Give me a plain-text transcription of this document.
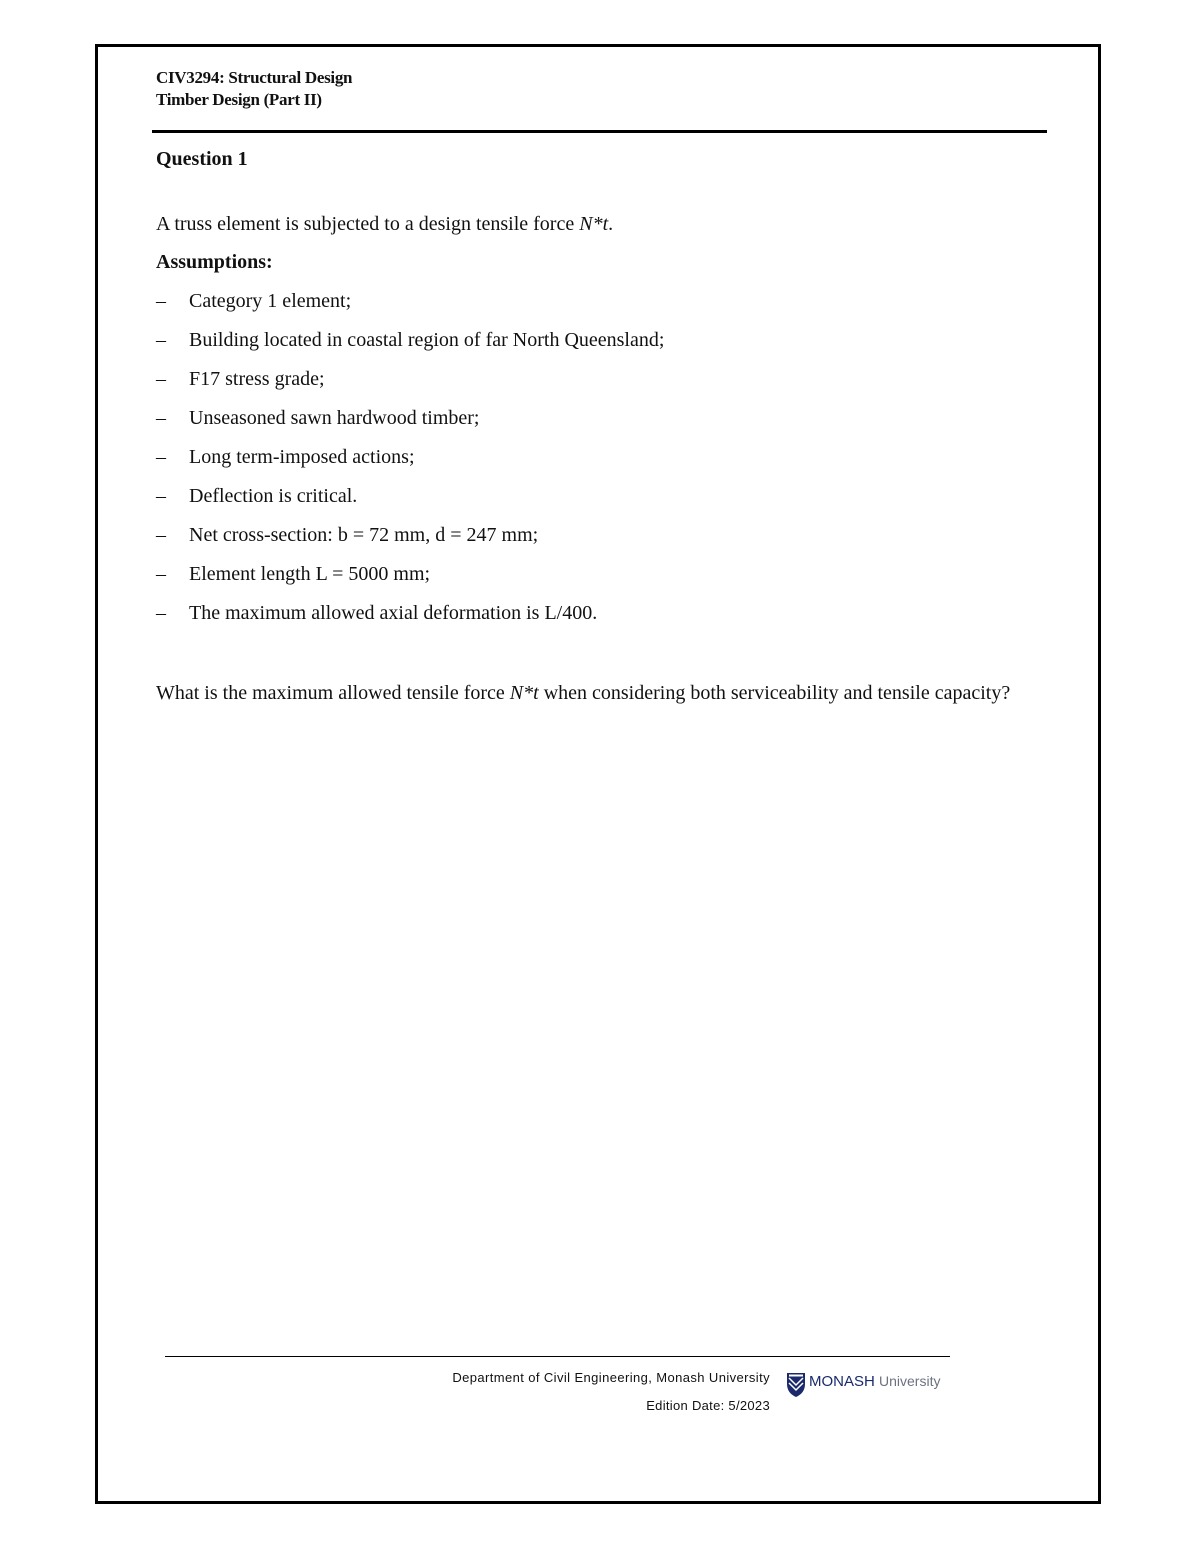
CIV3294: Structural Design
Timber Design (Part II)
Question 1
A truss element is subjected to a design tensile force N*t.
Assumptions:
– Category 1 element;
– Building located in coastal region of far North Queensland;
– F17 stress grade;
– Unseasoned sawn hardwood timber;
– Long term-imposed actions;
– Deflection is critical.
– Net cross-section: b = 72 mm, d = 247 mm;
– Element length L = 5000 mm;
– The maximum allowed axial deformation is L/400.
What is the maximum allowed tensile force N*t when considering both serviceability and tensile capacity?
Department of Civil Engineering, Monash University
Edition Date: 5/2023
MONASH University
